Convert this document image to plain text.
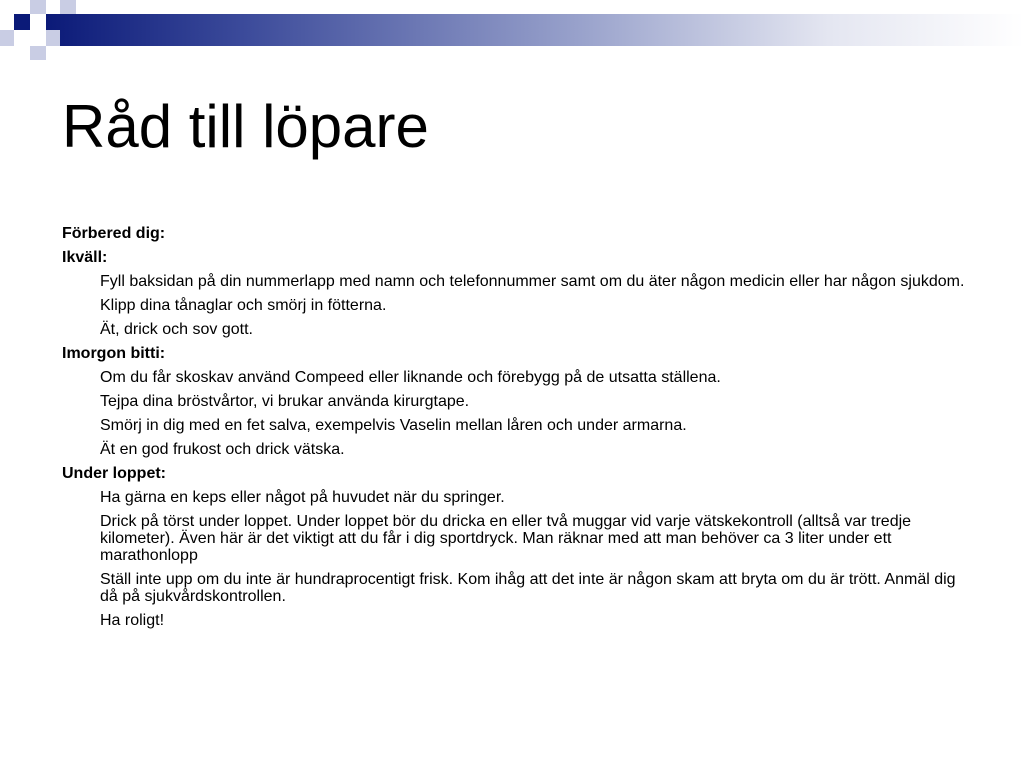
Råd till löpare
Förbered dig:
Ikväll:
Fyll baksidan på din nummerlapp med namn och telefonnummer samt om du äter någon medicin eller har någon sjukdom.
Klipp dina tånaglar och smörj in fötterna.
Ät, drick och sov gott.
Imorgon bitti:
Om du får skoskav använd Compeed eller liknande och förebygg på de utsatta ställena.
Tejpa dina bröstvårtor, vi brukar använda kirurgtape.
Smörj in dig med en fet salva, exempelvis Vaselin mellan låren och under armarna.
Ät en god frukost och drick vätska.
Under loppet:
Ha gärna en keps eller något på huvudet när du springer.
Drick på törst under loppet. Under loppet bör du dricka en eller två muggar vid varje vätskekontroll (alltså var tredje kilometer). Även här är det viktigt att du får i dig sportdryck. Man räknar med att man behöver ca 3 liter under ett marathonlopp
Ställ inte upp om du inte är hundraprocentigt frisk. Kom ihåg att det inte är någon skam att bryta om du är trött. Anmäl dig då på sjukvårdskontrollen.
Ha roligt!
